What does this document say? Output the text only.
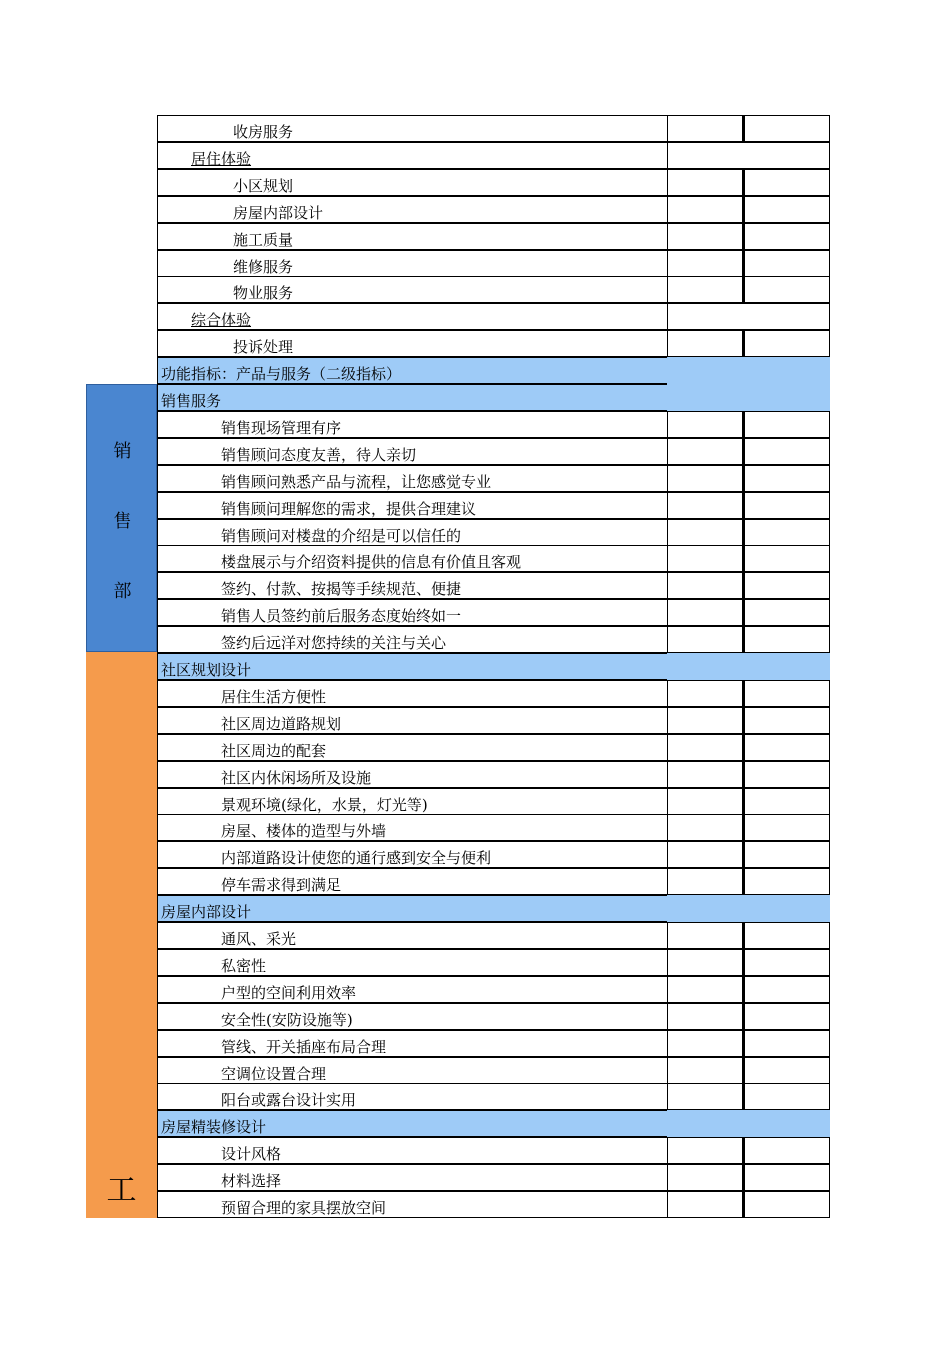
销
售
部
工
收房服务
居住体验
小区规划
房屋内部设计
施工质量
维修服务
物业服务
综合体验
投诉处理
功能指标：产品与服务（二级指标）
销售服务
销售现场管理有序
销售顾问态度友善，待人亲切
销售顾问熟悉产品与流程，让您感觉专业
销售顾问理解您的需求，提供合理建议
销售顾问对楼盘的介绍是可以信任的
楼盘展示与介绍资料提供的信息有价值且客观
签约、付款、按揭等手续规范、便捷
销售人员签约前后服务态度始终如一
签约后远洋对您持续的关注与关心
社区规划设计
居住生活方便性
社区周边道路规划
社区周边的配套
社区内休闲场所及设施
景观环境(绿化，水景，灯光等)
房屋、楼体的造型与外墙
内部道路设计使您的通行感到安全与便利
停车需求得到满足
房屋内部设计
通风、采光
私密性
户型的空间利用效率
安全性(安防设施等)
管线、开关插座布局合理
空调位设置合理
阳台或露台设计实用
房屋精装修设计
设计风格
材料选择
预留合理的家具摆放空间
